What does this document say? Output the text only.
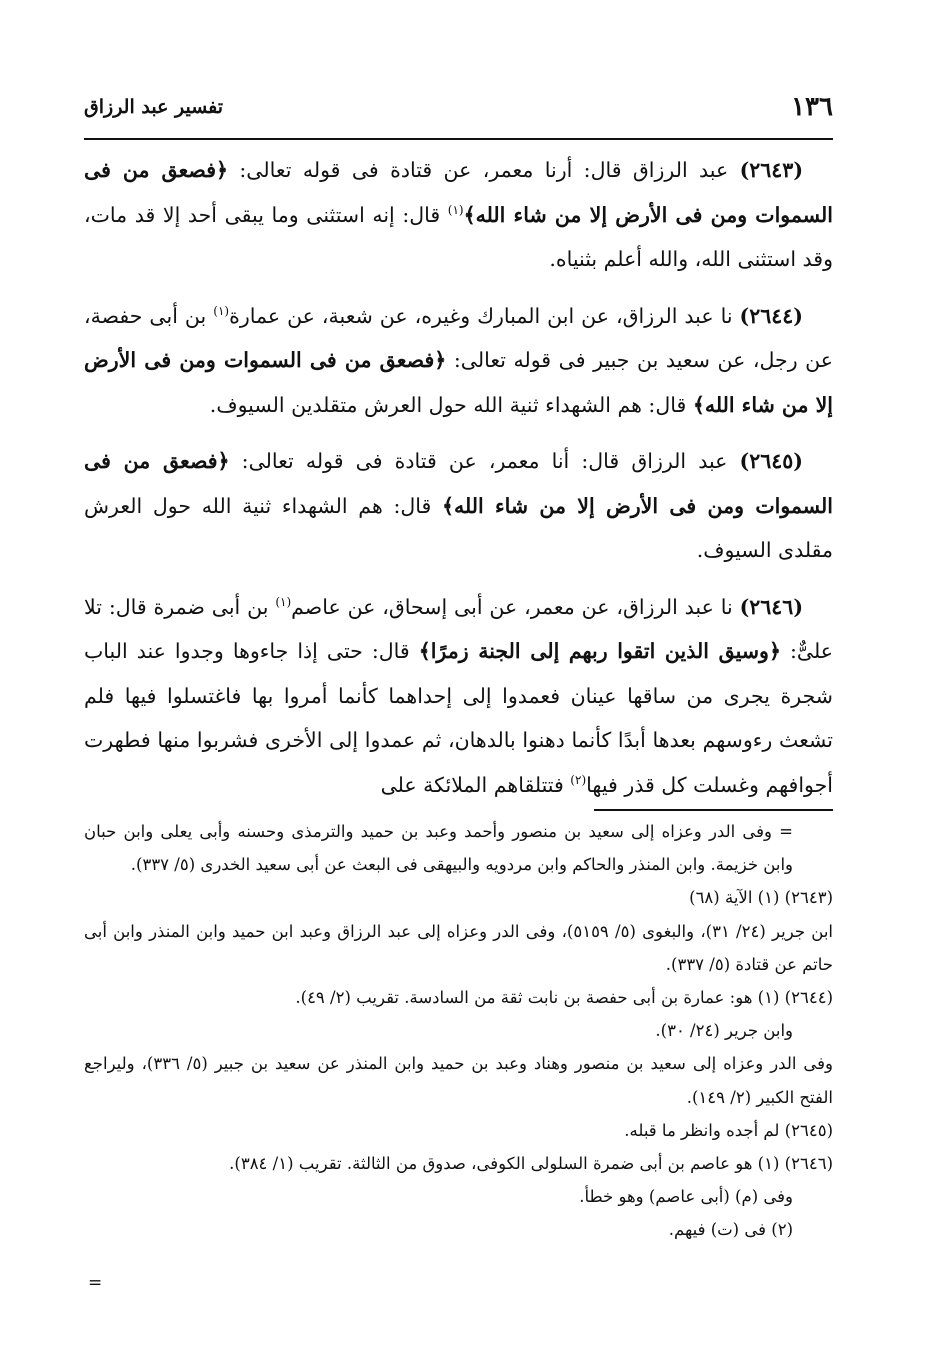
١٣٦
تفسير عبد الرزاق

(٢٦٤٣) عبد الرزاق قال: أرنا معمر، عن قتادة فى قوله تعالى: ﴿فصعق من فى السموات ومن فى الأرض إلا من شاء الله﴾$^{(١)}$ قال: إنه استثنى وما يبقى أحد إلا قد مات، وقد استثنى الله، والله أعلم بثنياه.

(٢٦٤٤) نا عبد الرزاق، عن ابن المبارك وغيره، عن شعبة، عن عمارة$^{(١)}$ بن أبى حفصة، عن رجل، عن سعيد بن جبير فى قوله تعالى: ﴿فصعق من فى السموات ومن فى الأرض إلا من شاء الله﴾ قال: هم الشهداء ثنية الله حول العرش متقلدين السيوف.

(٢٦٤٥) عبد الرزاق قال: أنا معمر، عن قتادة فى قوله تعالى: ﴿فصعق من فى السموات ومن فى الأرض إلا من شاء الله﴾ قال: هم الشهداء ثنية الله حول العرش مقلدى السيوف.

(٢٦٤٦) نا عبد الرزاق، عن معمر، عن أبى إسحاق، عن عاصم$^{(١)}$ بن أبى ضمرة قال: تلا علىٌّ: ﴿وسيق الذين اتقوا ربهم إلى الجنة زمرًا﴾ قال: حتى إذا جاءوها وجدوا عند الباب شجرة يجرى من ساقها عينان فعمدوا إلى إحداهما كأنما أمروا بها فاغتسلوا فيها فلم تشعث رءوسهم بعدها أبدًا كأنما دهنوا بالدهان، ثم عمدوا إلى الأخرى فشربوا منها فطهرت أجوافهم وغسلت كل قذر فيها$^{(٢)}$ فتتلقاهم الملائكة على

= وفى الدر وعزاه إلى سعيد بن منصور وأحمد وعبد بن حميد والترمذى وحسنه وأبى يعلى وابن حبان وابن خزيمة. وابن المنذر والحاكم وابن مردويه والبيهقى فى البعث عن أبى سعيد الخدرى (٥/ ٣٣٧).

(٢٦٤٣) (١) الآية (٦٨)

ابن جرير (٢٤/ ٣١)، والبغوى (٥/ ٥١٥٩)، وفى الدر وعزاه إلى عبد الرزاق وعبد ابن حميد وابن المنذر وابن أبى حاتم عن قتادة (٥/ ٣٣٧).

(٢٦٤٤) (١) هو: عمارة بن أبى حفصة بن نابت ثقة من السادسة. تقريب (٢/ ٤٩).

وابن جرير (٢٤/ ٣٠).

وفى الدر وعزاه إلى سعيد بن منصور وهناد وعبد بن حميد وابن المنذر عن سعيد بن جبير (٥/ ٣٣٦)، وليراجع الفتح الكبير (٢/ ١٤٩).

(٢٦٤٥) لم أجده وانظر ما قبله.

(٢٦٤٦) (١) هو عاصم بن أبى ضمرة السلولى الكوفى، صدوق من الثالثة. تقريب (١/ ٣٨٤).

وفى (م) (أبى عاصم) وهو خطأ.

(٢) فى (ت) فيهم.

=
